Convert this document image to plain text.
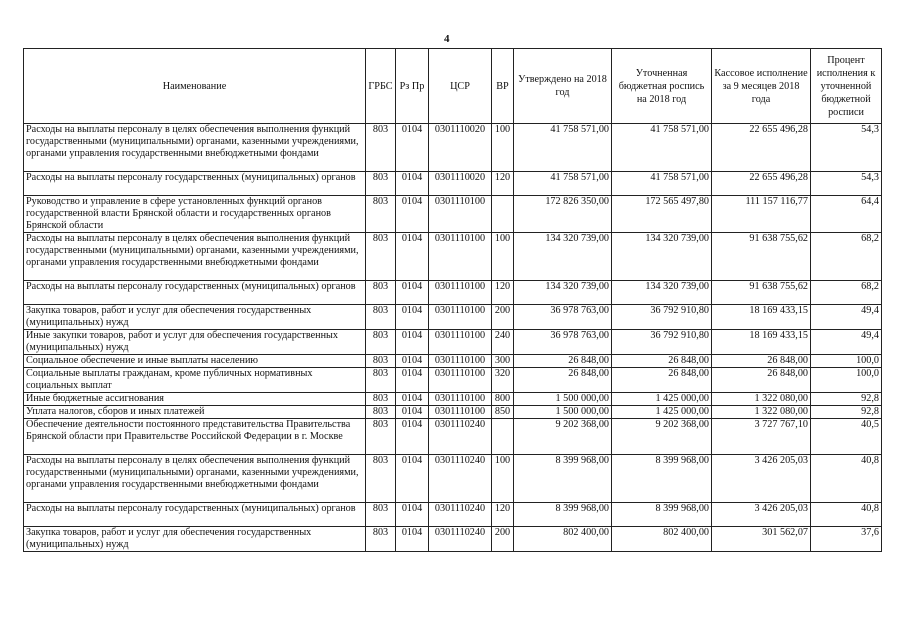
4
Наименование	ГРБС	Рз Пр	ЦСР	ВР	Утверждено на 2018 год	Уточненная бюджетная роспись на 2018 год	Кассовое исполнение за 9 месяцев 2018 года	Процент исполнения к уточненной бюджетной росписи
Расходы на выплаты персоналу в целях обеспечения выполнения функций государственными (муниципальными) органами, казенными учреждениями, органами управления государственными внебюджетными фондами	803	0104	0301110020	100	41 758 571,00	41 758 571,00	22 655 496,28	54,3
Расходы на выплаты персоналу государственных (муниципальных) органов	803	0104	0301110020	120	41 758 571,00	41 758 571,00	22 655 496,28	54,3
Руководство и управление в сфере установленных функций органов государственной власти Брянской области и государственных органов Брянской области	803	0104	0301110100		172 826 350,00	172 565 497,80	111 157 116,77	64,4
Расходы на выплаты персоналу в целях обеспечения выполнения функций государственными (муниципальными) органами, казенными учреждениями, органами управления государственными внебюджетными фондами	803	0104	0301110100	100	134 320 739,00	134 320 739,00	91 638 755,62	68,2
Расходы на выплаты персоналу государственных (муниципальных) органов	803	0104	0301110100	120	134 320 739,00	134 320 739,00	91 638 755,62	68,2
Закупка товаров, работ и услуг для обеспечения государственных (муниципальных) нужд	803	0104	0301110100	200	36 978 763,00	36 792 910,80	18 169 433,15	49,4
Иные закупки товаров, работ и услуг для обеспечения государственных (муниципальных) нужд	803	0104	0301110100	240	36 978 763,00	36 792 910,80	18 169 433,15	49,4
Социальное обеспечение и иные выплаты населению	803	0104	0301110100	300	26 848,00	26 848,00	26 848,00	100,0
Социальные выплаты гражданам, кроме публичных нормативных социальных выплат	803	0104	0301110100	320	26 848,00	26 848,00	26 848,00	100,0
Иные бюджетные ассигнования	803	0104	0301110100	800	1 500 000,00	1 425 000,00	1 322 080,00	92,8
Уплата налогов, сборов и иных платежей	803	0104	0301110100	850	1 500 000,00	1 425 000,00	1 322 080,00	92,8
Обеспечение деятельности постоянного представительства Правительства Брянской области при Правительстве Российской Федерации в г. Москве	803	0104	0301110240		9 202 368,00	9 202 368,00	3 727 767,10	40,5
Расходы на выплаты персоналу в целях обеспечения выполнения функций государственными (муниципальными) органами, казенными учреждениями, органами управления государственными внебюджетными фондами	803	0104	0301110240	100	8 399 968,00	8 399 968,00	3 426 205,03	40,8
Расходы на выплаты персоналу государственных (муниципальных) органов	803	0104	0301110240	120	8 399 968,00	8 399 968,00	3 426 205,03	40,8
Закупка товаров, работ и услуг для обеспечения государственных (муниципальных) нужд	803	0104	0301110240	200	802 400,00	802 400,00	301 562,07	37,6
